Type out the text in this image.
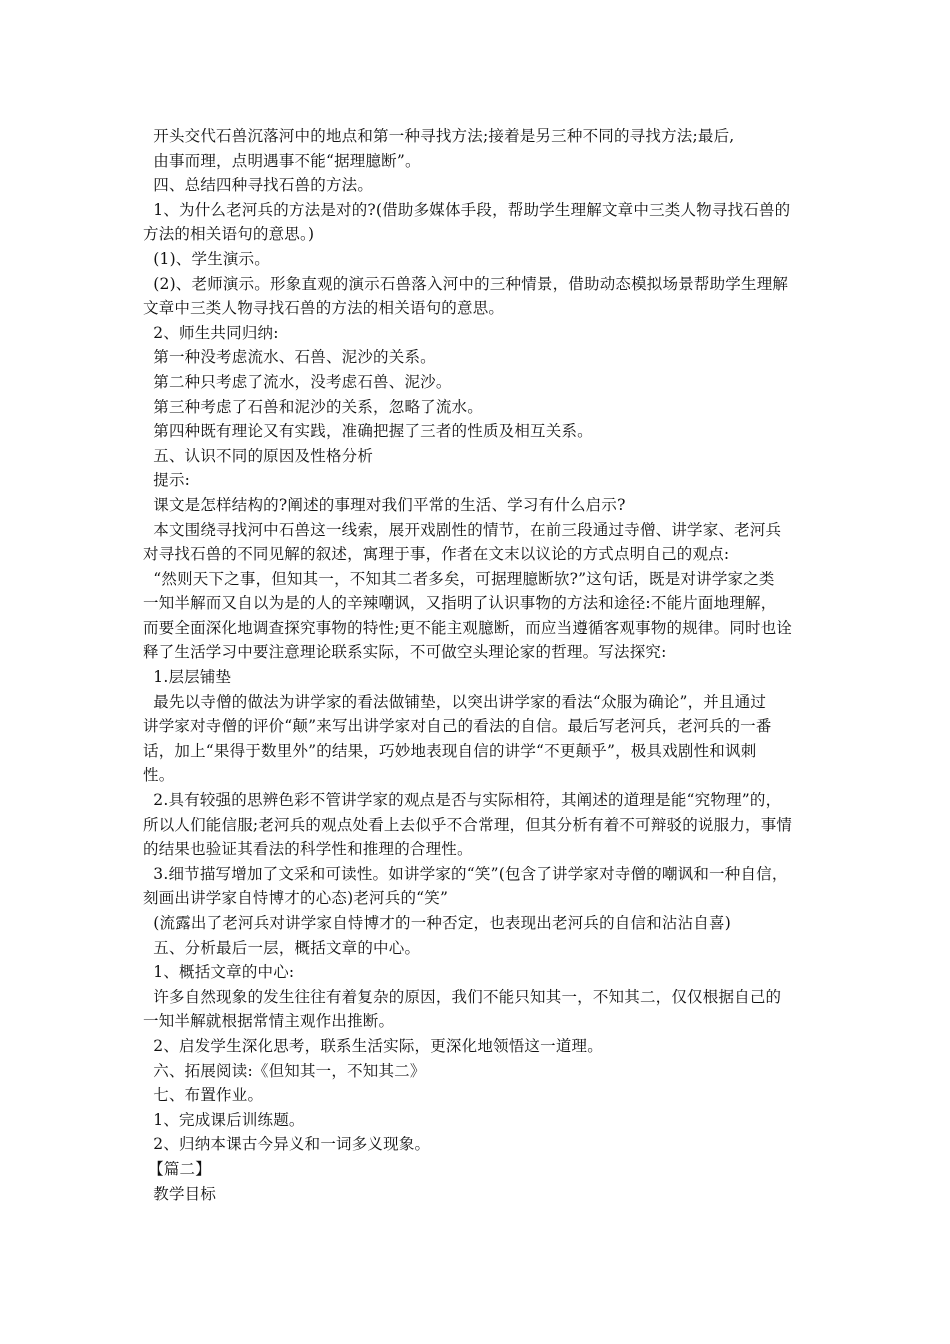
开头交代石兽沉落河中的地点和第一种寻找方法;接着是另三种不同的寻找方法;最后,
由事而理，点明遇事不能“据理臆断”。
四、总结四种寻找石兽的方法。
1、为什么老河兵的方法是对的?(借助多媒体手段，帮助学生理解文章中三类人物寻找石兽的
方法的相关语句的意思。)
(1)、学生演示。
(2)、老师演示。形象直观的演示石兽落入河中的三种情景，借助动态模拟场景帮助学生理解
文章中三类人物寻找石兽的方法的相关语句的意思。
2、师生共同归纳:
第一种没考虑流水、石兽、泥沙的关系。
第二种只考虑了流水，没考虑石兽、泥沙。
第三种考虑了石兽和泥沙的关系，忽略了流水。
第四种既有理论又有实践，准确把握了三者的性质及相互关系。
五、认识不同的原因及性格分析
提示:
课文是怎样结构的?阐述的事理对我们平常的生活、学习有什么启示?
本文围绕寻找河中石兽这一线索，展开戏剧性的情节，在前三段通过寺僧、讲学家、老河兵
对寻找石兽的不同见解的叙述，寓理于事，作者在文末以议论的方式点明自己的观点:
“然则天下之事，但知其一，不知其二者多矣，可据理臆断欤?”这句话，既是对讲学家之类
一知半解而又自以为是的人的辛辣嘲讽，又指明了认识事物的方法和途径:不能片面地理解，
而要全面深化地调查探究事物的特性;更不能主观臆断，而应当遵循客观事物的规律。同时也诠
释了生活学习中要注意理论联系实际，不可做空头理论家的哲理。写法探究:
1.层层铺垫
最先以寺僧的做法为讲学家的看法做铺垫，以突出讲学家的看法“众服为确论”，并且通过
讲学家对寺僧的评价“颠”来写出讲学家对自己的看法的自信。最后写老河兵，老河兵的一番
话，加上“果得于数里外”的结果，巧妙地表现自信的讲学“不更颠乎”，极具戏剧性和讽刺
性。
2.具有较强的思辨色彩不管讲学家的观点是否与实际相符，其阐述的道理是能“究物理”的，
所以人们能信服;老河兵的观点处看上去似乎不合常理，但其分析有着不可辩驳的说服力，事情
的结果也验证其看法的科学性和推理的合理性。
3.细节描写增加了文采和可读性。如讲学家的“笑”(包含了讲学家对寺僧的嘲讽和一种自信，
刻画出讲学家自恃博才的心态)老河兵的“笑”
(流露出了老河兵对讲学家自恃博才的一种否定，也表现出老河兵的自信和沾沾自喜)
五、分析最后一层，概括文章的中心。
1、概括文章的中心:
许多自然现象的发生往往有着复杂的原因，我们不能只知其一，不知其二，仅仅根据自己的
一知半解就根据常情主观作出推断。
2、启发学生深化思考，联系生活实际，更深化地领悟这一道理。
六、拓展阅读:《但知其一，不知其二》
七、布置作业。
1、完成课后训练题。
2、归纳本课古今异义和一词多义现象。
【篇二】
教学目标
